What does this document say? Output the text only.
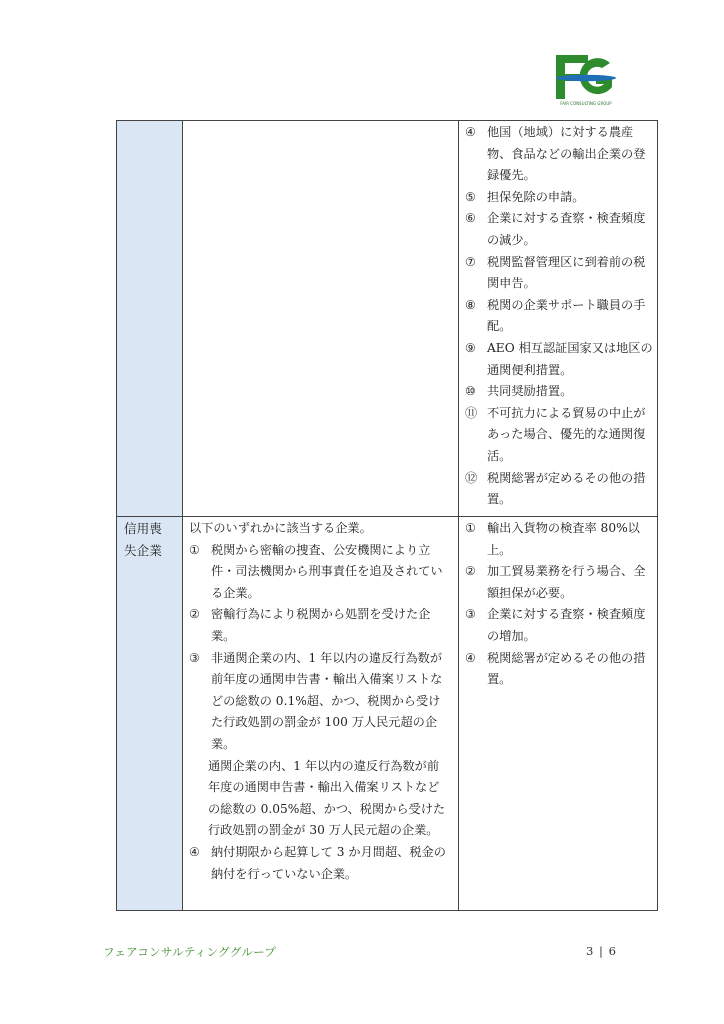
FAIR CONSULTING GROUP
④ 他国（地域）に対する農産物、食品などの輸出企業の登録優先。
⑤ 担保免除の申請。
⑥ 企業に対する査察・検査頻度の減少。
⑦ 税関監督管理区に到着前の税関申告。
⑧ 税関の企業サポート職員の手配。
⑨ AEO 相互認証国家又は地区の通関便利措置。
⑩ 共同奨励措置。
⑪ 不可抗力による貿易の中止があった場合、優先的な通関復活。
⑫ 税関総署が定めるその他の措置。
信用喪失企業

以下のいずれかに該当する企業。

① 税関から密輸の捜査、公安機関により立件・司法機関から刑事責任を追及されている企業。
② 密輸行為により税関から処罰を受けた企業。
③ 非通関企業の内、1 年以内の違反行為数が前年度の通関申告書・輸出入備案リストなどの総数の 0.1%超、かつ、税関から受けた行政処罰の罰金が 100 万人民元超の企業。

通関企業の内、1 年以内の違反行為数が前年度の通関申告書・輸出入備案リストなどの総数の 0.05%超、かつ、税関から受けた行政処罰の罰金が 30 万人民元超の企業。

④ 納付期限から起算して 3 か月間超、税金の納付を行っていない企業。
① 輸出入貨物の検査率 80%以上。
② 加工貿易業務を行う場合、全額担保が必要。
③ 企業に対する査察・検査頻度の増加。
④ 税関総署が定めるその他の措置。
フェアコンサルティンググループ	3 | 6
